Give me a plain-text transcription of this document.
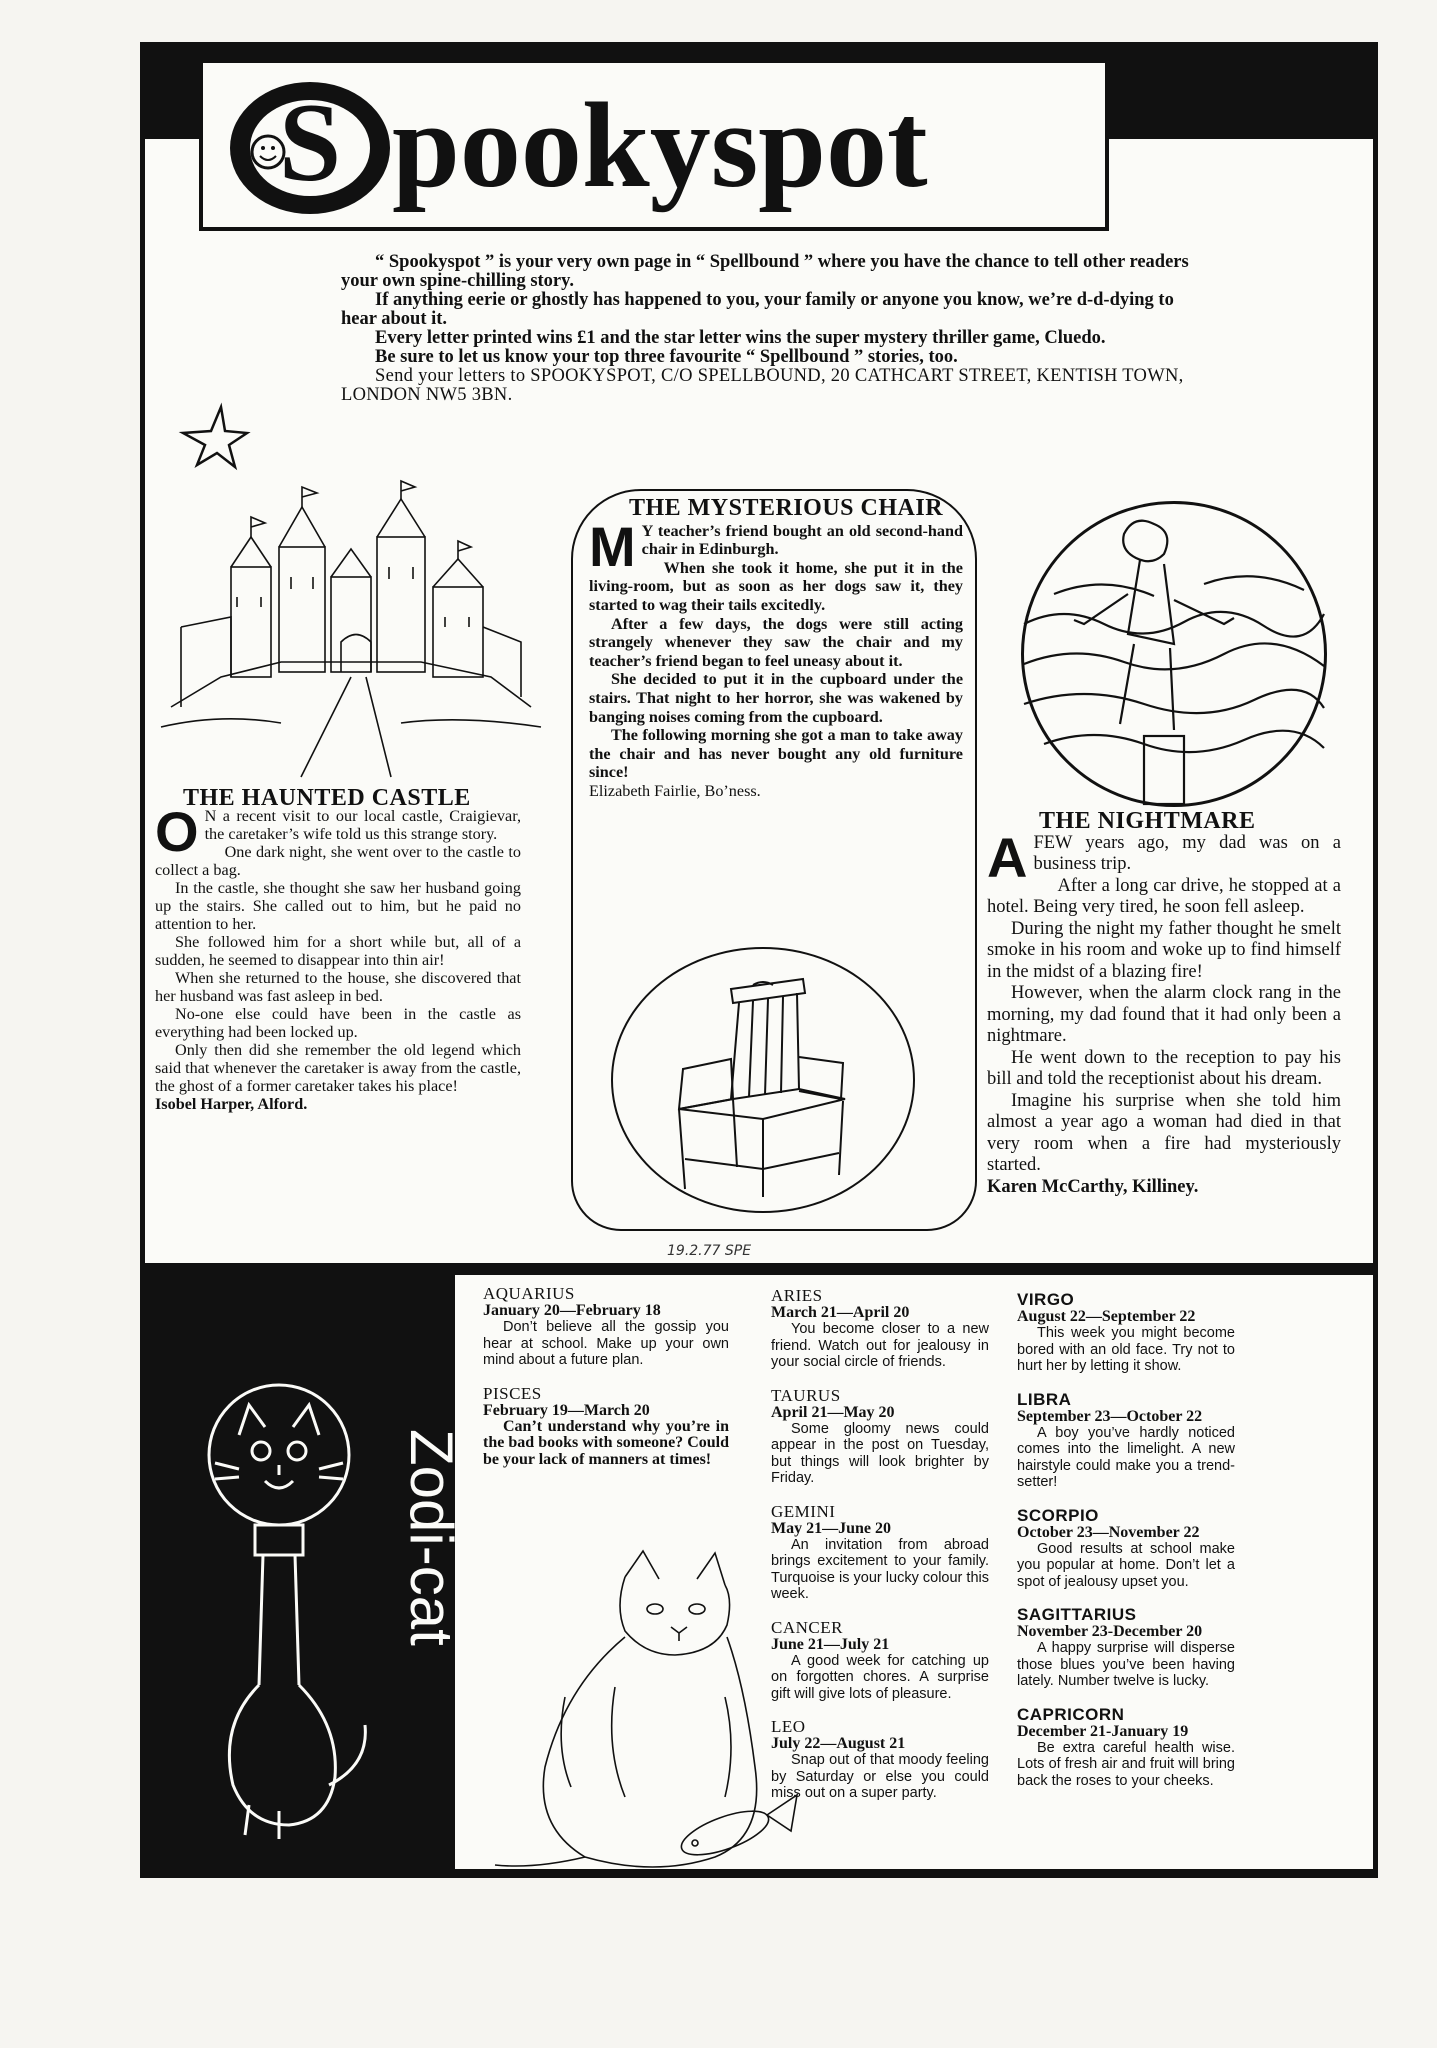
S pookyspot

“ Spookyspot ” is your very own page in “ Spellbound ” where you have the chance to tell other readers your own spine-chilling story.

If anything eerie or ghostly has happened to you, your family or anyone you know, we’re d-d-dying to hear about it.

Every letter printed wins £1 and the star letter wins the super mystery thriller game, Cluedo.

Be sure to let us know your top three favourite “ Spellbound ” stories, too.

Send your letters to SPOOKYSPOT, C/O SPELLBOUND, 20 CATHCART STREET, KENTISH TOWN, LONDON NW5 3BN.

THE HAUNTED CASTLE
O N a recent visit to our local castle, Craigievar, the caretaker’s wife told us this strange story.

One dark night, she went over to the castle to collect a bag.

In the castle, she thought she saw her husband going up the stairs. She called out to him, but he paid no attention to her.

She followed him for a short while but, all of a sudden, he seemed to disappear into thin air!

When she returned to the house, she discovered that her husband was fast asleep in bed.

No-one else could have been in the castle as everything had been locked up.

Only then did she remember the old legend which said that whenever the caretaker is away from the castle, the ghost of a former caretaker takes his place!

Isobel Harper, Alford.

THE MYSTERIOUS CHAIR
M Y teacher’s friend bought an old second-hand chair in Edinburgh.

When she took it home, she put it in the living-room, but as soon as her dogs saw it, they started to wag their tails excitedly.

After a few days, the dogs were still acting strangely whenever they saw the chair and my teacher’s friend began to feel uneasy about it.

She decided to put it in the cupboard under the stairs. That night to her horror, she was wakened by banging noises coming from the cupboard.

The following morning she got a man to take away the chair and has never bought any old furniture since!

Elizabeth Fairlie, Bo’ness.

THE NIGHTMARE
A FEW years ago, my dad was on a business trip.

After a long car drive, he stopped at a hotel. Being very tired, he soon fell asleep.

During the night my father thought he smelt smoke in his room and woke up to find himself in the midst of a blazing fire!

However, when the alarm clock rang in the morning, my dad found that it had only been a nightmare.

He went down to the reception to pay his bill and told the receptionist about his dream.

Imagine his surprise when she told him almost a year ago a woman had died in that very room when a fire had mysteriously started.

Karen McCarthy, Killiney.

19.2.77 SPE
Zodi-cat
AQUARIUS
January 20—February 18
Don’t believe all the gossip you hear at school. Make up your own mind about a future plan.
PISCES
February 19—March 20
Can’t understand why you’re in the bad books with someone? Could be your lack of manners at times!
ARIES
March 21—April 20
You become closer to a new friend. Watch out for jealousy in your social circle of friends.
TAURUS
April 21—May 20
Some gloomy news could appear in the post on Tuesday, but things will look brighter by Friday.
GEMINI
May 21—June 20
An invitation from abroad brings excitement to your family. Turquoise is your lucky colour this week.
CANCER
June 21—July 21
A good week for catching up on forgotten chores. A surprise gift will give lots of pleasure.
LEO
July 22—August 21
Snap out of that moody feeling by Saturday or else you could miss out on a super party.
VIRGO
August 22—September 22
This week you might become bored with an old face. Try not to hurt her by letting it show.
LIBRA
September 23—October 22
A boy you’ve hardly noticed comes into the limelight. A new hairstyle could make you a trend-setter!
SCORPIO
October 23—November 22
Good results at school make you popular at home. Don’t let a spot of jealousy upset you.
SAGITTARIUS
November 23-December 20
A happy surprise will disperse those blues you’ve been having lately. Number twelve is lucky.
CAPRICORN
December 21-January 19
Be extra careful health wise. Lots of fresh air and fruit will bring back the roses to your cheeks.
